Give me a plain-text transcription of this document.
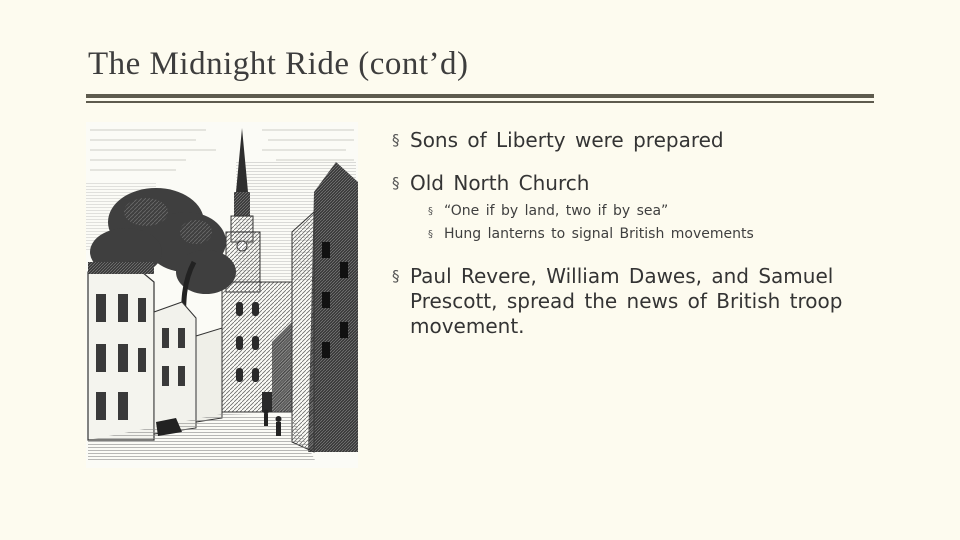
The Midnight Ride (cont’d)
§ Sons of Liberty were prepared
§ Old North Church
§ “One if by land, two if by sea”
§ Hung lanterns to signal British movements
§ Paul Revere, William Dawes, and Samuel Prescott, spread the news of British troop movement.
